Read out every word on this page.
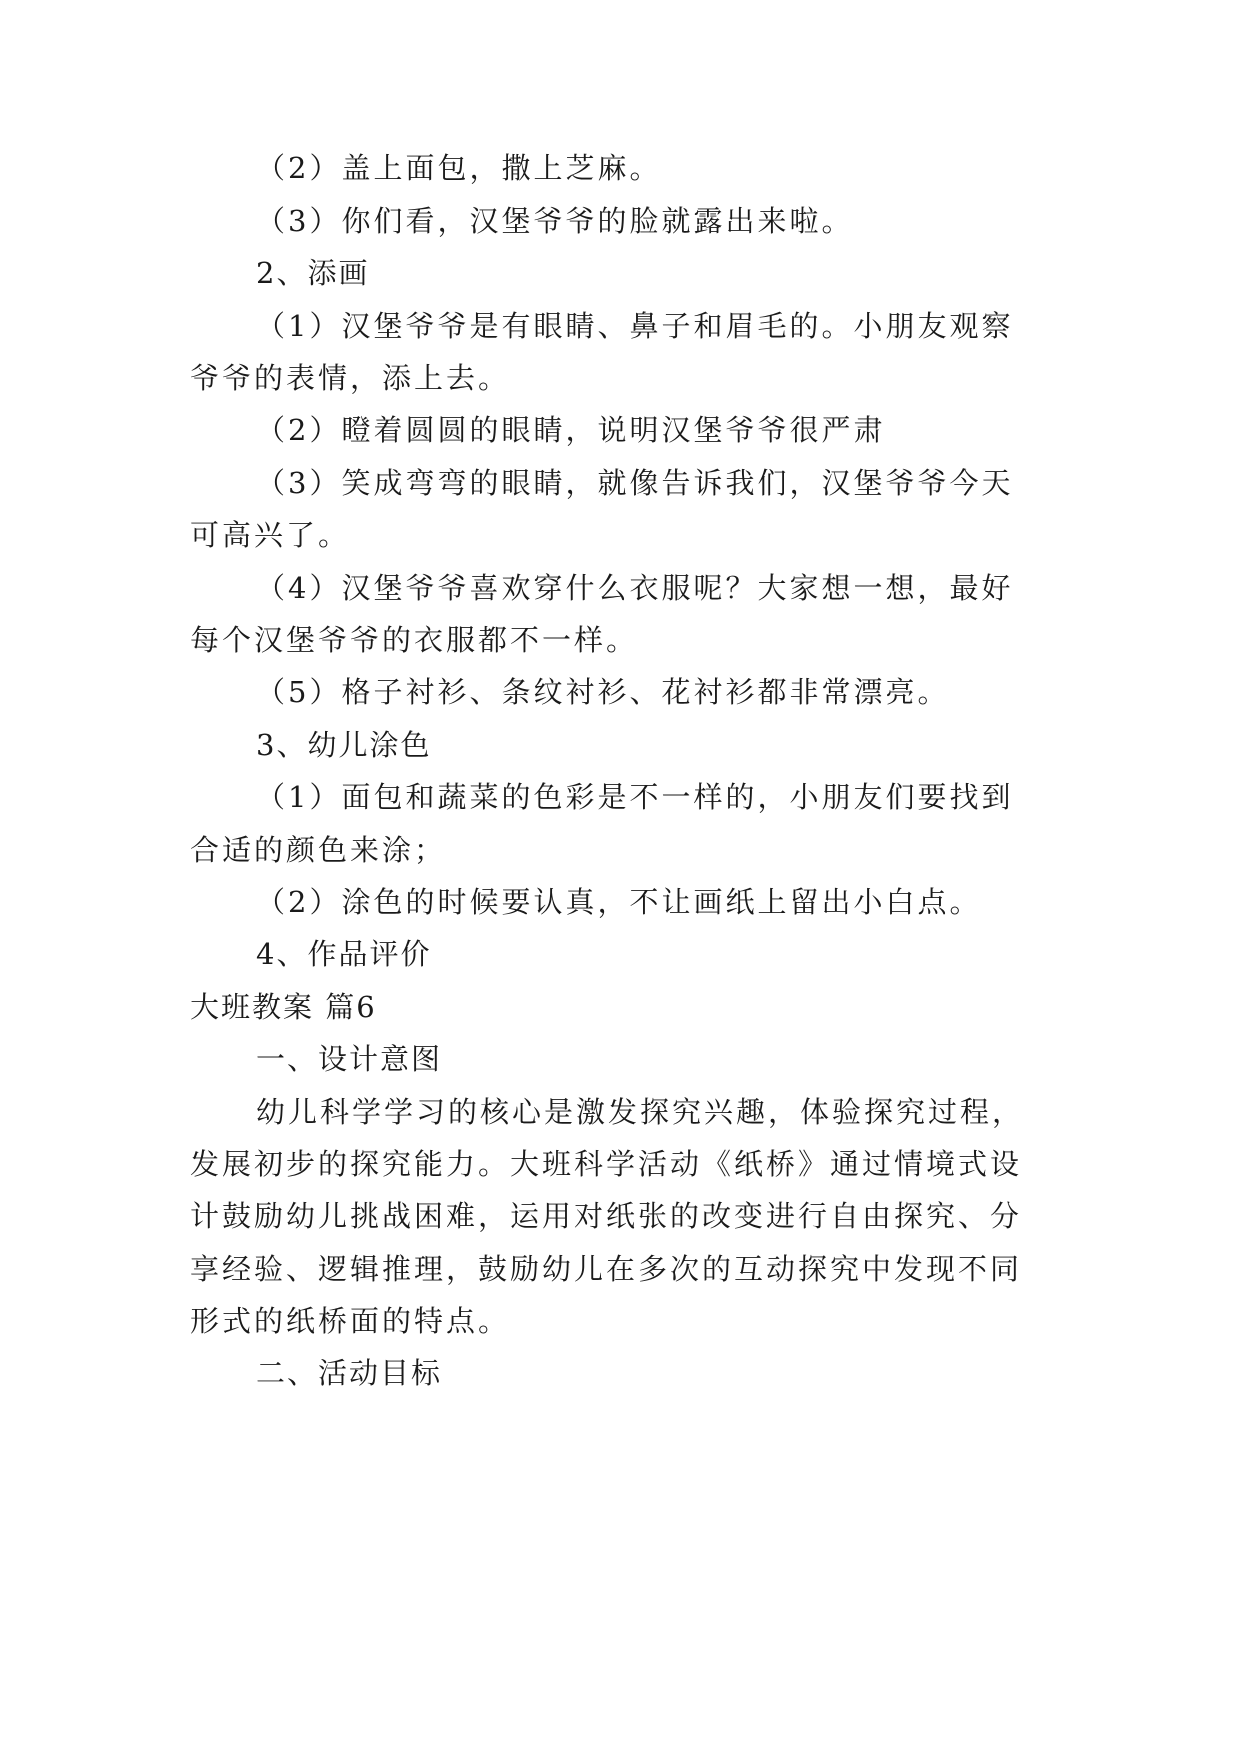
（2）盖上面包，撒上芝麻。
（3）你们看，汉堡爷爷的脸就露出来啦。
2、添画
（1）汉堡爷爷是有眼睛、鼻子和眉毛的。小朋友观察
爷爷的表情，添上去。
（2）瞪着圆圆的眼睛，说明汉堡爷爷很严肃
（3）笑成弯弯的眼睛，就像告诉我们，汉堡爷爷今天
可高兴了。
（4）汉堡爷爷喜欢穿什么衣服呢？大家想一想，最好
每个汉堡爷爷的衣服都不一样。
（5）格子衬衫、条纹衬衫、花衬衫都非常漂亮。
3、幼儿涂色
（1）面包和蔬菜的色彩是不一样的，小朋友们要找到
合适的颜色来涂；
（2）涂色的时候要认真，不让画纸上留出小白点。
4、作品评价
大班教案 篇6
一、设计意图
幼儿科学学习的核心是激发探究兴趣，体验探究过程，
发展初步的探究能力。大班科学活动《纸桥》通过情境式设
计鼓励幼儿挑战困难，运用对纸张的改变进行自由探究、分
享经验、逻辑推理，鼓励幼儿在多次的互动探究中发现不同
形式的纸桥面的特点。
二、活动目标
